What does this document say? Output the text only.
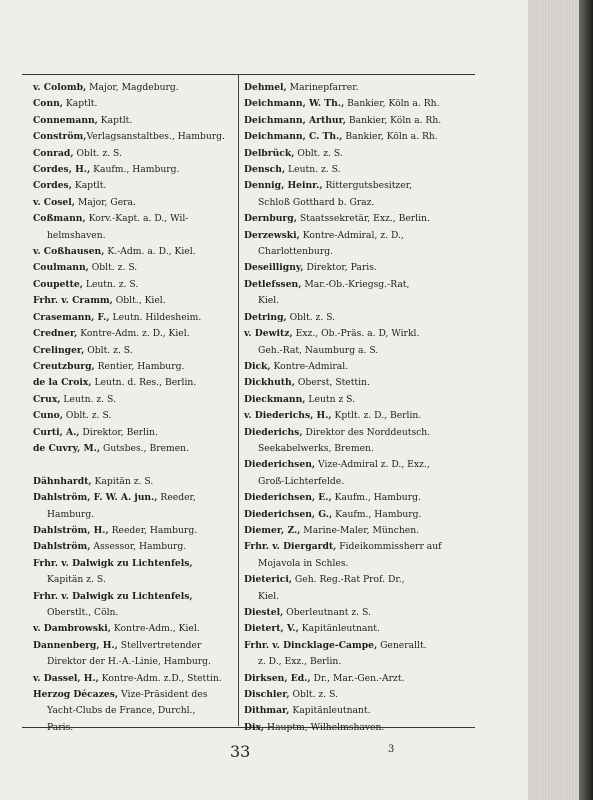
v. Colomb, Major, Magdeburg.
Conn, Kaptlt.
Connemann, Kaptlt.
Conström,Verlagsanstaltbes., Hamburg.
Conrad, Oblt. z. S.
Cordes, H., Kaufm., Hamburg.
Cordes, Kaptlt.
v. Cosel, Major, Gera.
Coßmann, Korv.-Kapt. a. D., Wil-
helmshaven.
v. Coßhausen, K.-Adm. a. D., Kiel.
Coulmann, Oblt. z. S.
Coupette, Leutn. z. S.
Frhr. v. Cramm, Oblt., Kiel.
Crasemann, F., Leutn. Hildesheim.
Credner, Kontre-Adm. z. D., Kiel.
Crelinger, Oblt. z. S.
Creutzburg, Rentier, Hamburg.
de la Croix, Leutn. d. Res., Berlin.
Crux, Leutn. z. S.
Cuno, Oblt. z. S.
Curti, A., Direktor, Berlin.
de Cuvry, M., Gutsbes., Bremen.
Dähnhardt, Kapitän z. S.
Dahlström, F. W. A. jun., Reeder,
Hamburg.
Dahlström, H., Reeder, Hamburg.
Dahlström, Assessor, Hamburg.
Frhr. v. Dalwigk zu Lichtenfels,
Kapitän z. S.
Frhr. v. Dalwigk zu Lichtenfels,
Oberstlt., Cöln.
v. Dambrowski, Kontre-Adm., Kiel.
Dannenberg, H., Stellvertretender
Direktor der H.-A.-Linie, Hamburg.
v. Dassel, H., Kontre-Adm. z.D., Stettin.
Herzog Décazes, Vize-Präsident des
Yacht-Clubs de France, Durchl.,
Paris.
Dehmel, Marinepfarrer.
Deichmann, W. Th., Bankier, Köln a. Rh.
Deichmann, Arthur, Bankier, Köln a. Rh.
Deichmann, C. Th., Bankier, Köln a. Rh.
Delbrück, Oblt. z. S.
Densch, Leutn. z. S.
Dennig, Heinr., Rittergutsbesitzer,
Schloß Gotthard b. Graz.
Dernburg, Staatssekretär, Exz., Berlin.
Derzewski, Kontre-Admiral, z. D.,
Charlottenburg.
Deseilligny, Direktor, Paris.
Detlefssen, Mar.-Ob.-Kriegsg.-Rat,
Kiel.
Detring, Oblt. z. S.
v. Dewitz, Exz., Ob.-Präs. a. D, Wirkl.
Geh.-Rat, Naumburg a. S.
Dick, Kontre-Admiral.
Dickhuth, Oberst, Stettin.
Dieckmann, Leutn z S.
v. Diederichs, H., Kptlt. z. D., Berlin.
Diederichs, Direktor des Norddeutsch.
Seekabelwerks, Bremen.
Diederichsen, Vize-Admiral z. D., Exz.,
Groß-Lichterfelde.
Diederichsen, E., Kaufm., Hamburg.
Diederichsen, G., Kaufm., Hamburg.
Diemer, Z., Marine-Maler, München.
Frhr. v. Diergardt, Fideikommissherr auf
Mojavola in Schles.
Dieterici, Geh. Reg.-Rat Prof. Dr.,
Kiel.
Diestel, Oberleutnant z. S.
Dietert, V., Kapitänleutnant.
Frhr. v. Dincklage-Campe, Generallt.
z. D., Exz., Berlin.
Dirksen, Ed., Dr., Mar.-Gen.-Arzt.
Dischler, Oblt. z. S.
Dithmar, Kapitänleutnant.
Dix, Hauptm, Wilhelmshaven.
33	3
